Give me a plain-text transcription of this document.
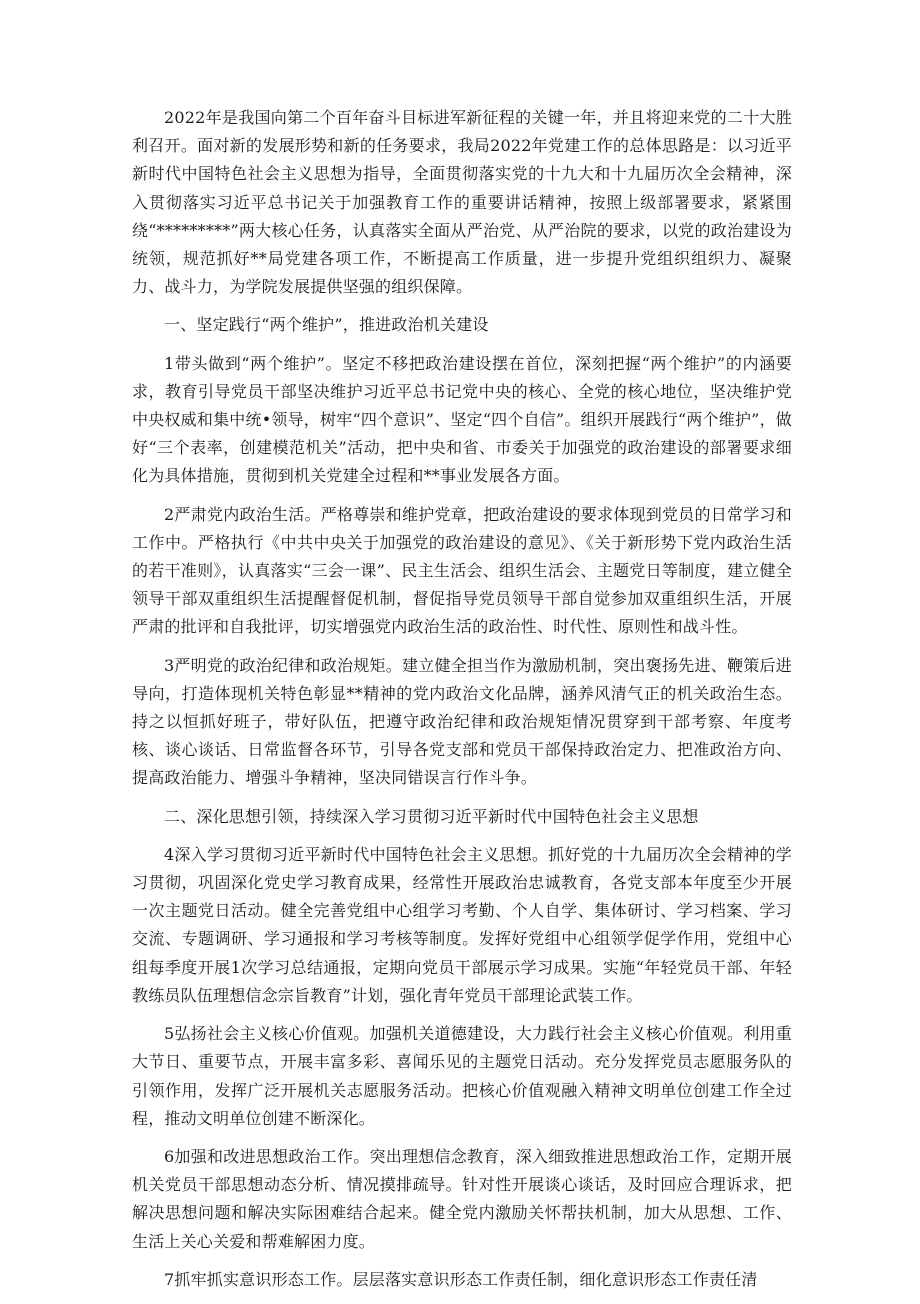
2022年是我国向第二个百年奋斗目标进军新征程的关键一年，并且将迎来党的二十大胜利召开。面对新的发展形势和新的任务要求，我局2022年党建工作的总体思路是：以习近平新时代中国特色社会主义思想为指导，全面贯彻落实党的十九大和十九届历次全会精神，深入贯彻落实习近平总书记关于加强教育工作的重要讲话精神，按照上级部署要求，紧紧围绕“*********”两大核心任务，认真落实全面从严治党、从严治院的要求，以党的政治建设为统领，规范抓好**局党建各项工作，不断提高工作质量，进一步提升党组织组织力、凝聚力、战斗力，为学院发展提供坚强的组织保障。

一、坚定践行“两个维护”，推进政治机关建设

1带头做到“两个维护”。坚定不移把政治建设摆在首位，深刻把握“两个维护”的内涵要求，教育引导党员干部坚决维护习近平总书记党中央的核心、全党的核心地位，坚决维护党中央权威和集中统•领导，树牢“四个意识”、坚定“四个自信”。组织开展践行“两个维护”，做好“三个表率，创建模范机关”活动，把中央和省、市委关于加强党的政治建设的部署要求细化为具体措施，贯彻到机关党建全过程和**事业发展各方面。

2严肃党内政治生活。严格尊崇和维护党章，把政治建设的要求体现到党员的日常学习和工作中。严格执行《中共中央关于加强党的政治建设的意见》、《关于新形势下党内政治生活的若干准则》，认真落实“三会一课”、民主生活会、组织生活会、主题党日等制度，建立健全领导干部双重组织生活提醒督促机制，督促指导党员领导干部自觉参加双重组织生活，开展严肃的批评和自我批评，切实增强党内政治生活的政治性、时代性、原则性和战斗性。

3严明党的政治纪律和政治规矩。建立健全担当作为激励机制，突出褒扬先进、鞭策后进导向，打造体现机关特色彰显**精神的党内政治文化品牌，涵养风清气正的机关政治生态。持之以恒抓好班子，带好队伍，把遵守政治纪律和政治规矩情况贯穿到干部考察、年度考核、谈心谈话、日常监督各环节，引导各党支部和党员干部保持政治定力、把准政治方向、提高政治能力、增强斗争精神，坚决同错误言行作斗争。

二、深化思想引领，持续深入学习贯彻习近平新时代中国特色社会主义思想

4深入学习贯彻习近平新时代中国特色社会主义思想。抓好党的十九届历次全会精神的学习贯彻，巩固深化党史学习教育成果，经常性开展政治忠诚教育，各党支部本年度至少开展一次主题党日活动。健全完善党组中心组学习考勤、个人自学、集体研讨、学习档案、学习交流、专题调研、学习通报和学习考核等制度。发挥好党组中心组领学促学作用，党组中心组每季度开展1次学习总结通报，定期向党员干部展示学习成果。实施“年轻党员干部、年轻教练员队伍理想信念宗旨教育”计划，强化青年党员干部理论武装工作。

5弘扬社会主义核心价值观。加强机关道德建设，大力践行社会主义核心价值观。利用重大节日、重要节点，开展丰富多彩、喜闻乐见的主题党日活动。充分发挥党员志愿服务队的引领作用，发挥广泛开展机关志愿服务活动。把核心价值观融入精神文明单位创建工作全过程，推动文明单位创建不断深化。

6加强和改进思想政治工作。突出理想信念教育，深入细致推进思想政治工作，定期开展机关党员干部思想动态分析、情况摸排疏导。针对性开展谈心谈话，及时回应合理诉求，把解决思想问题和解决实际困难结合起来。健全党内激励关怀帮扶机制，加大从思想、工作、生活上关心关爱和帮难解困力度。

7抓牢抓实意识形态工作。层层落实意识形态工作责任制，细化意识形态工作责任清
